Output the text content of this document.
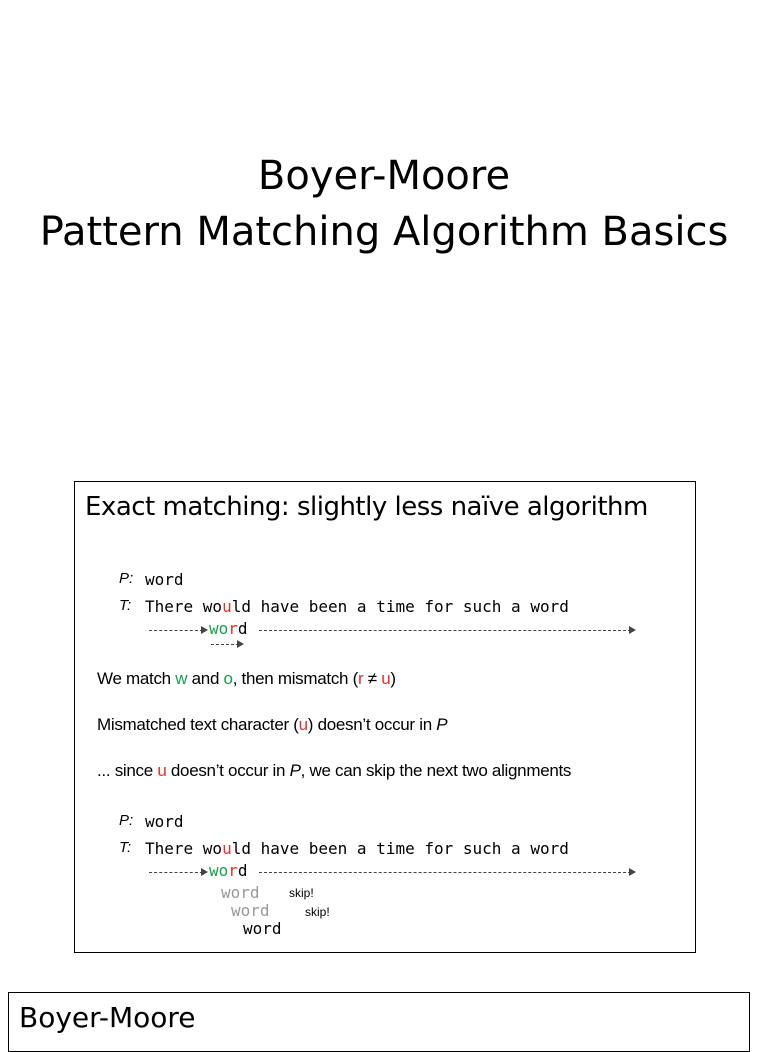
Boyer-Moore
Pattern Matching Algorithm Basics
Exact matching: slightly less naïve algorithm
P: word
T: There would have been a time for such a word
word
We match w and o, then mismatch (r ≠ u)
Mismatched text character (u) doesn’t occur in P
... since u doesn’t occur in P, we can skip the next two alignments
P: word
T: There would have been a time for such a word
word
word skip!
word	skip!
word
Boyer-Moore
